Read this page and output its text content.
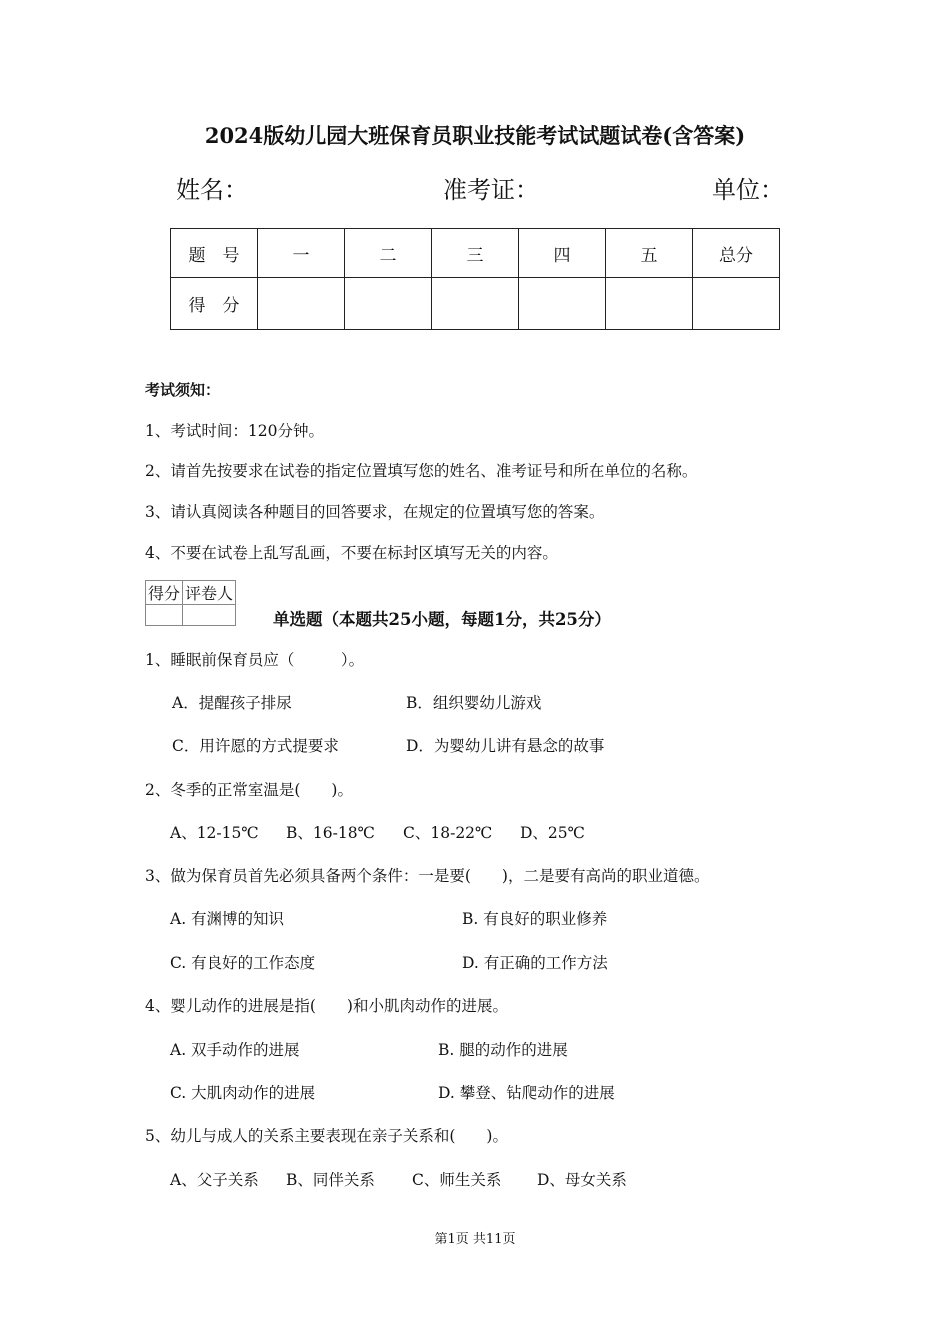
2024版幼儿园大班保育员职业技能考试试题试卷(含答案)
姓名：	准考证：	单位：
题　号	一	二	三	四	五	总分
得　分						
考试须知：
1、考试时间：120分钟。
2、请首先按要求在试卷的指定位置填写您的姓名、准考证号和所在单位的名称。
3、请认真阅读各种题目的回答要求，在规定的位置填写您的答案。
4、不要在试卷上乱写乱画，不要在标封区填写无关的内容。
得分	评卷人

单选题（本题共25小题，每题1分，共25分）
1、睡眠前保育员应（　　　）。
A．提醒孩子排尿	B．组织婴幼儿游戏
C．用许愿的方式提要求	D．为婴幼儿讲有悬念的故事
2、冬季的正常室温是(　　)。
A、12-15℃ B、16-18℃ C、18-22℃ D、25℃
3、做为保育员首先必须具备两个条件：一是要(　　)，二是要有高尚的职业道德。
A. 有渊博的知识	B. 有良好的职业修养
C. 有良好的工作态度	D. 有正确的工作方法
4、婴儿动作的进展是指(　　)和小肌肉动作的进展。
A. 双手动作的进展	B. 腿的动作的进展
C. 大肌肉动作的进展	D. 攀登、钻爬动作的进展
5、幼儿与成人的关系主要表现在亲子关系和(　　)。
A、父子关系 B、同伴关系 C、师生关系 D、母女关系
第1页 共11页
